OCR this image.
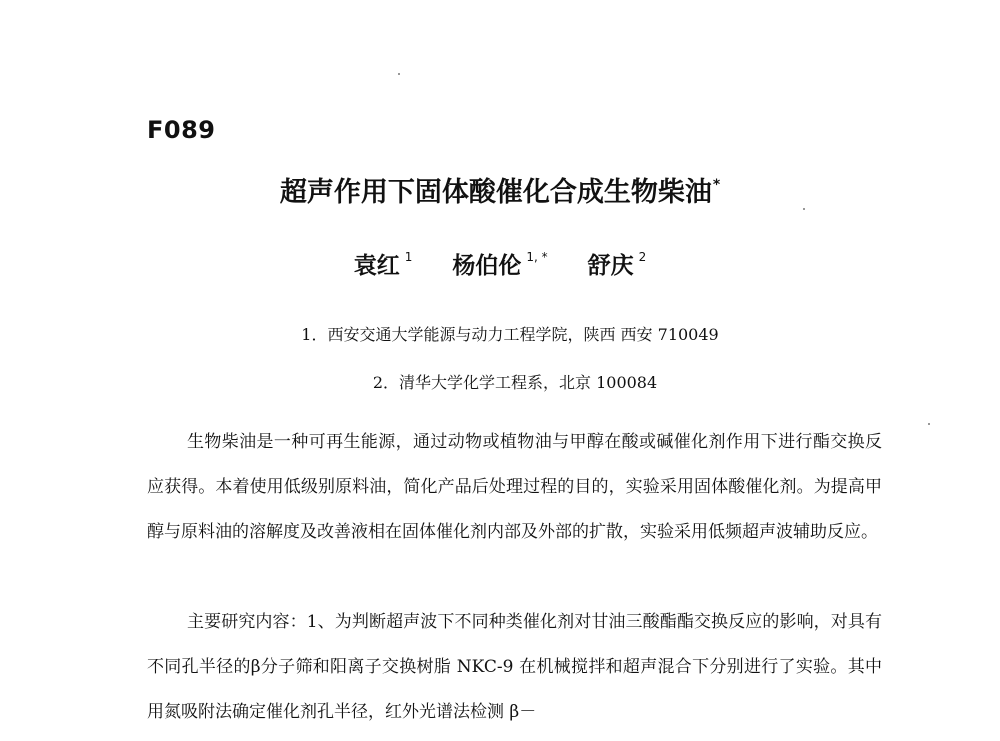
F089
超声作用下固体酸催化合成生物柴油*
袁红 $^1$ 杨伯伦 $^{1, *}$ 舒庆 $^2$
1．西安交通大学能源与动力工程学院，陕西 西安 710049
2．清华大学化学工程系，北京 100084
生物柴油是一种可再生能源，通过动物或植物油与甲醇在酸或碱催化剂作用下进行酯交换反应获得。本着使用低级别原料油，简化产品后处理过程的目的，实验采用固体酸催化剂。为提高甲醇与原料油的溶解度及改善液相在固体催化剂内部及外部的扩散，实验采用低频超声波辅助反应。
主要研究内容：1、为判断超声波下不同种类催化剂对甘油三酸酯酯交换反应的影响，对具有不同孔半径的β分子筛和阳离子交换树脂 NKC-9 在机械搅拌和超声混合下分别进行了实验。其中用氮吸附法确定催化剂孔半径，红外光谱法检测 β－
